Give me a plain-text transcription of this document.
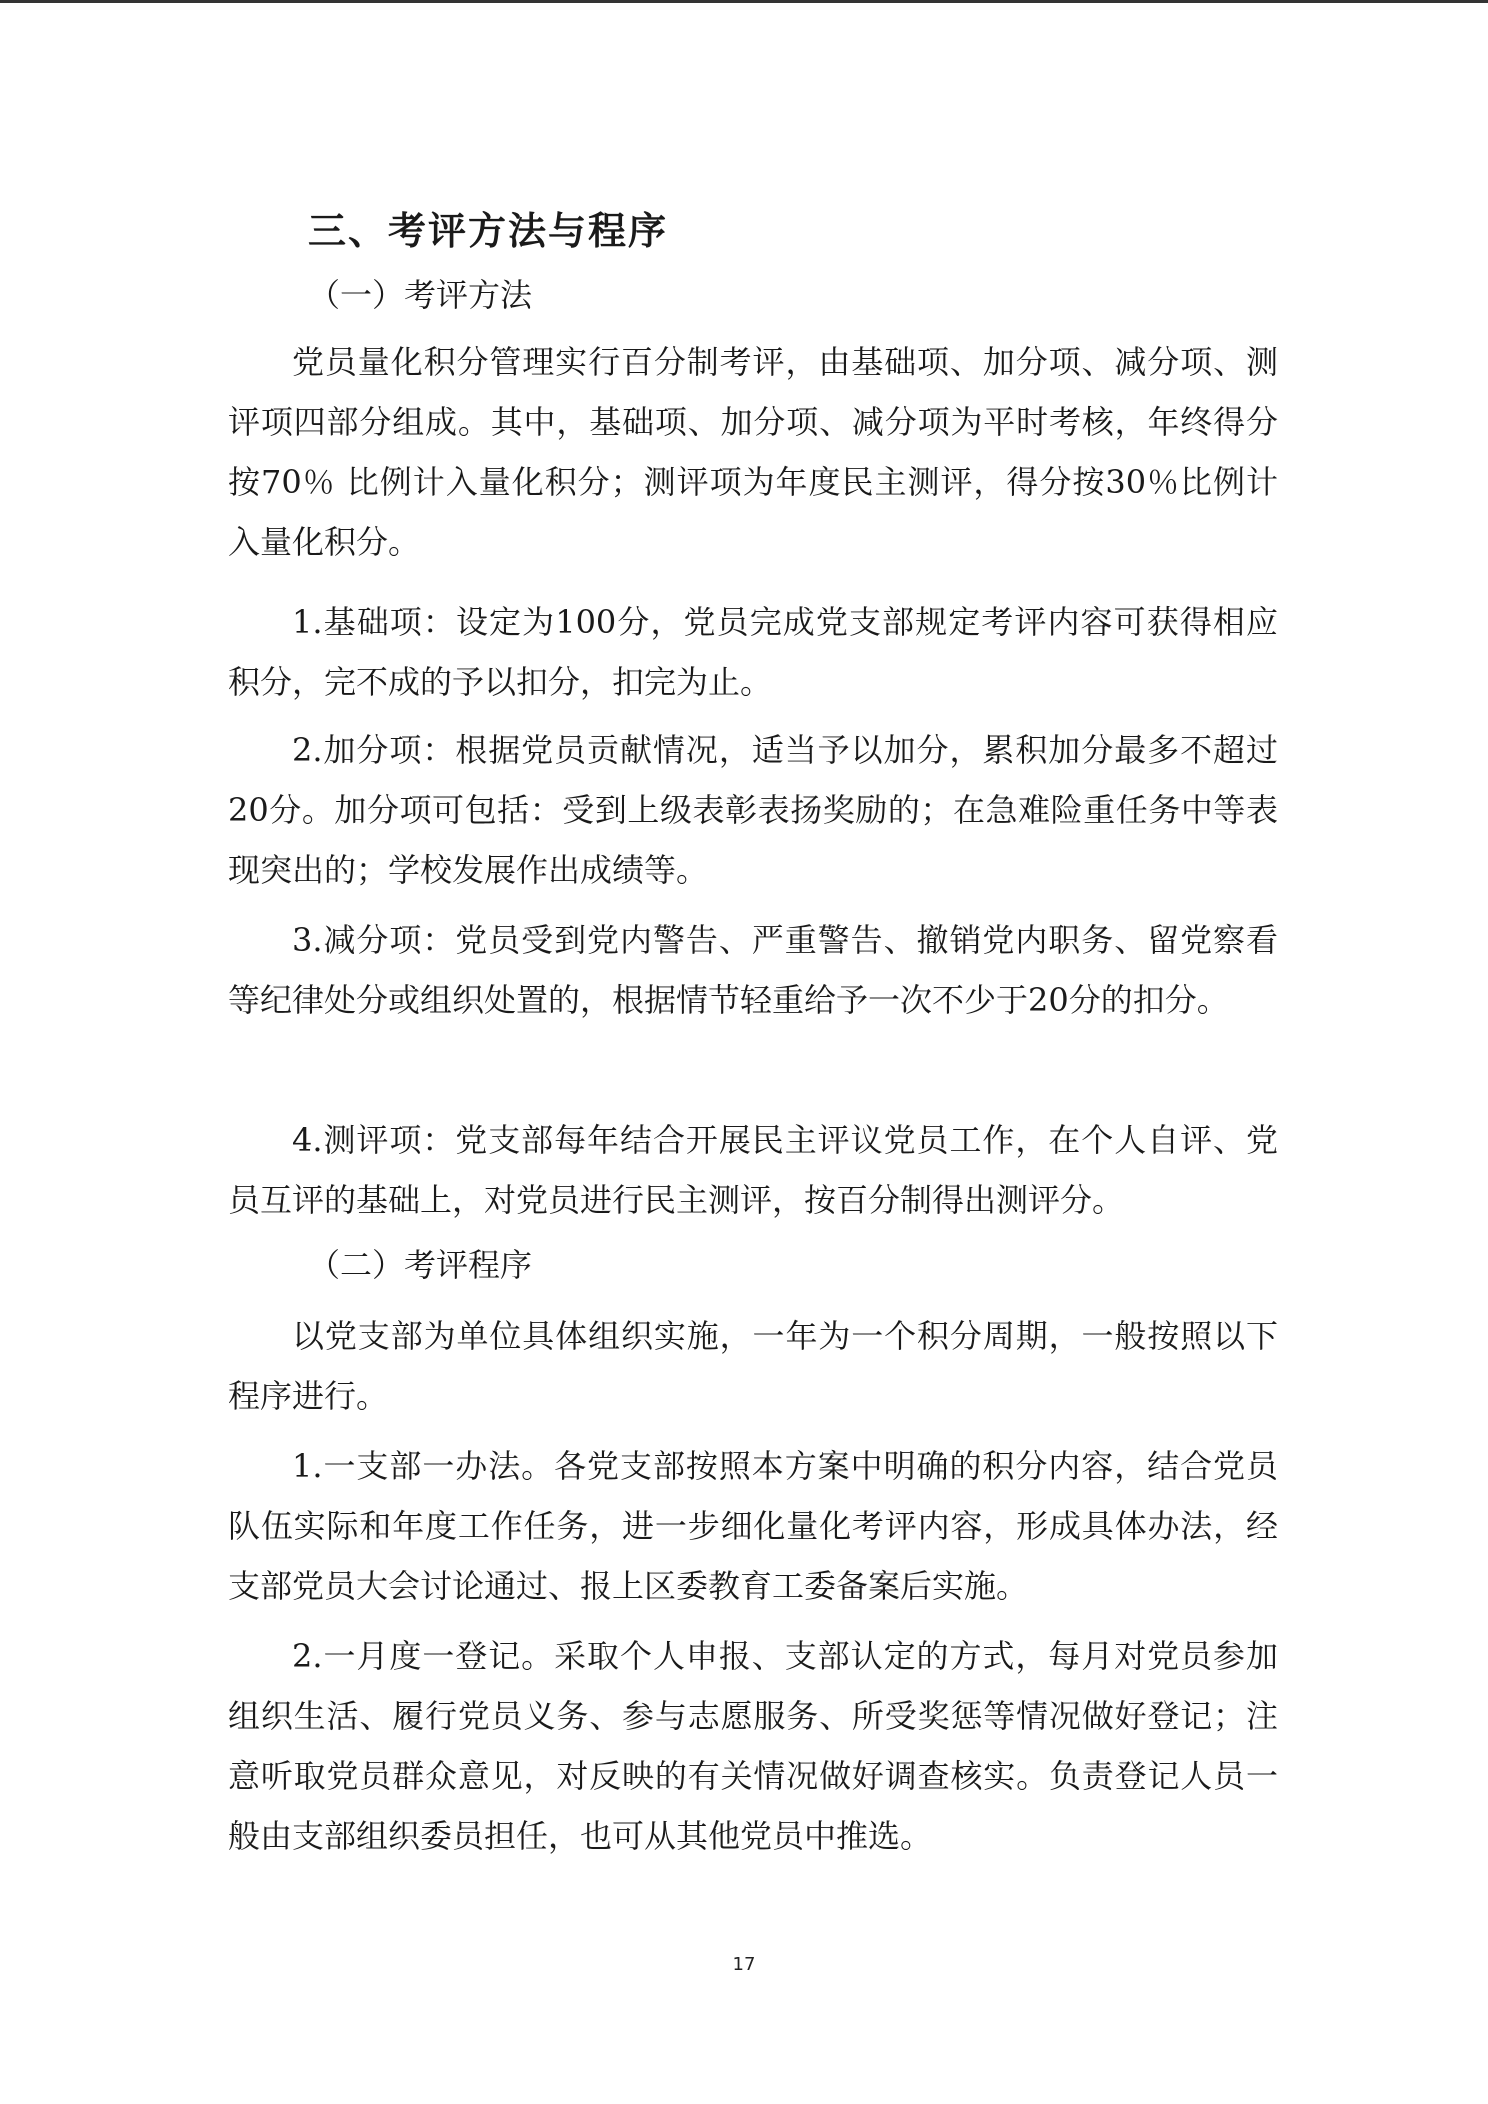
三、考评方法与程序
（一）考评方法
党员量化积分管理实行百分制考评，由基础项、加分项、减分项、测评项四部分组成。其中，基础项、加分项、减分项为平时考核，年终得分按70％ 比例计入量化积分；测评项为年度民主测评，得分按30％比例计入量化积分。
1.基础项：设定为100分，党员完成党支部规定考评内容可获得相应积分，完不成的予以扣分，扣完为止。
2.加分项：根据党员贡献情况，适当予以加分，累积加分最多不超过20分。加分项可包括：受到上级表彰表扬奖励的；在急难险重任务中等表现突出的；学校发展作出成绩等。
3.减分项：党员受到党内警告、严重警告、撤销党内职务、留党察看等纪律处分或组织处置的，根据情节轻重给予一次不少于20分的扣分。
4.测评项：党支部每年结合开展民主评议党员工作，在个人自评、党员互评的基础上，对党员进行民主测评，按百分制得出测评分。
（二）考评程序
以党支部为单位具体组织实施，一年为一个积分周期，一般按照以下程序进行。
1.一支部一办法。各党支部按照本方案中明确的积分内容，结合党员队伍实际和年度工作任务，进一步细化量化考评内容，形成具体办法，经支部党员大会讨论通过、报上区委教育工委备案后实施。
2.一月度一登记。采取个人申报、支部认定的方式，每月对党员参加组织生活、履行党员义务、参与志愿服务、所受奖惩等情况做好登记；注意听取党员群众意见，对反映的有关情况做好调查核实。负责登记人员一般由支部组织委员担任，也可从其他党员中推选。
17
